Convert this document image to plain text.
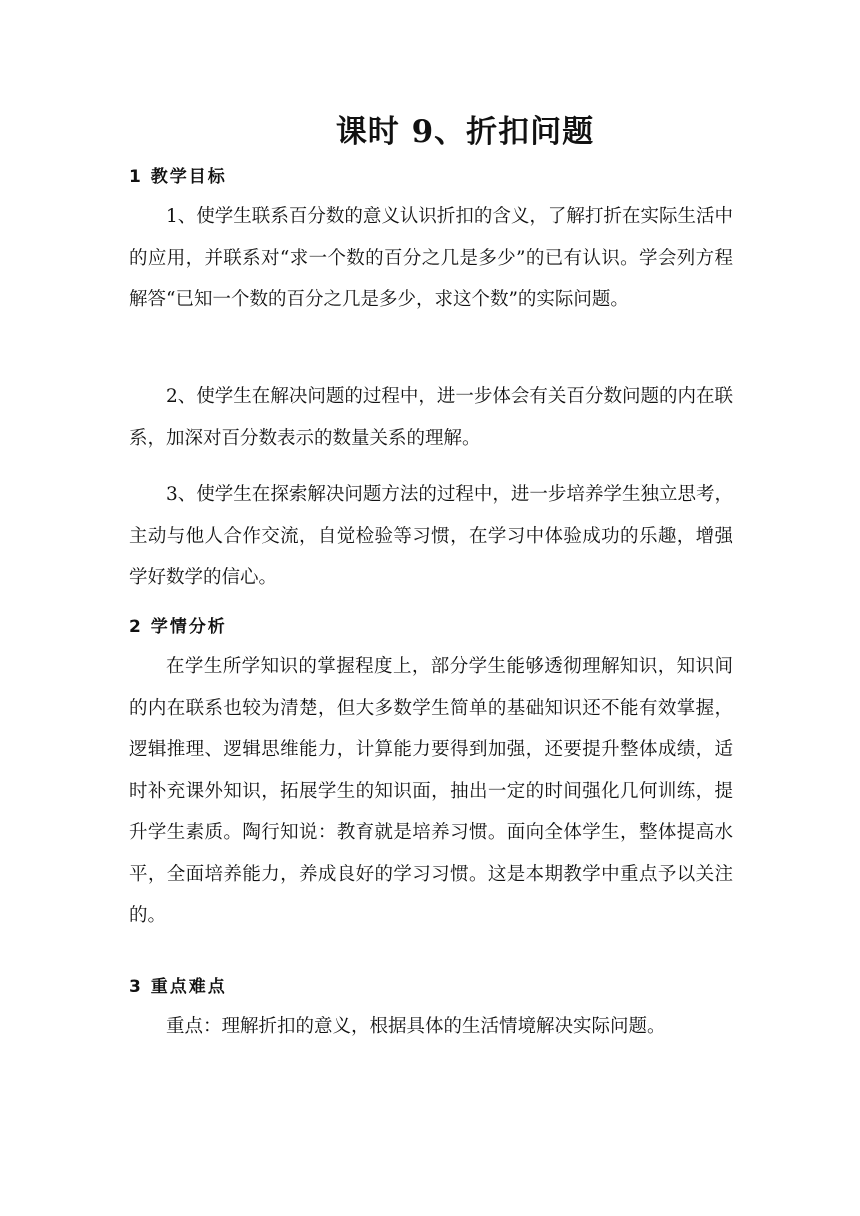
课时 9、折扣问题
1 教学目标

1、使学生联系百分数的意义认识折扣的含义，了解打折在实际生活中的应用，并联系对“求一个数的百分之几是多少”的已有认识。学会列方程解答“已知一个数的百分之几是多少，求这个数”的实际问题。

2、使学生在解决问题的过程中，进一步体会有关百分数问题的内在联系，加深对百分数表示的数量关系的理解。

3、使学生在探索解决问题方法的过程中，进一步培养学生独立思考，主动与他人合作交流，自觉检验等习惯，在学习中体验成功的乐趣，增强学好数学的信心。

2 学情分析

在学生所学知识的掌握程度上，部分学生能够透彻理解知识，知识间的内在联系也较为清楚，但大多数学生简单的基础知识还不能有效掌握，逻辑推理、逻辑思维能力，计算能力要得到加强，还要提升整体成绩，适时补充课外知识，拓展学生的知识面，抽出一定的时间强化几何训练，提升学生素质。陶行知说：教育就是培养习惯。面向全体学生，整体提高水平，全面培养能力，养成良好的学习习惯。这是本期教学中重点予以关注的。

3 重点难点

重点：理解折扣的意义，根据具体的生活情境解决实际问题。
